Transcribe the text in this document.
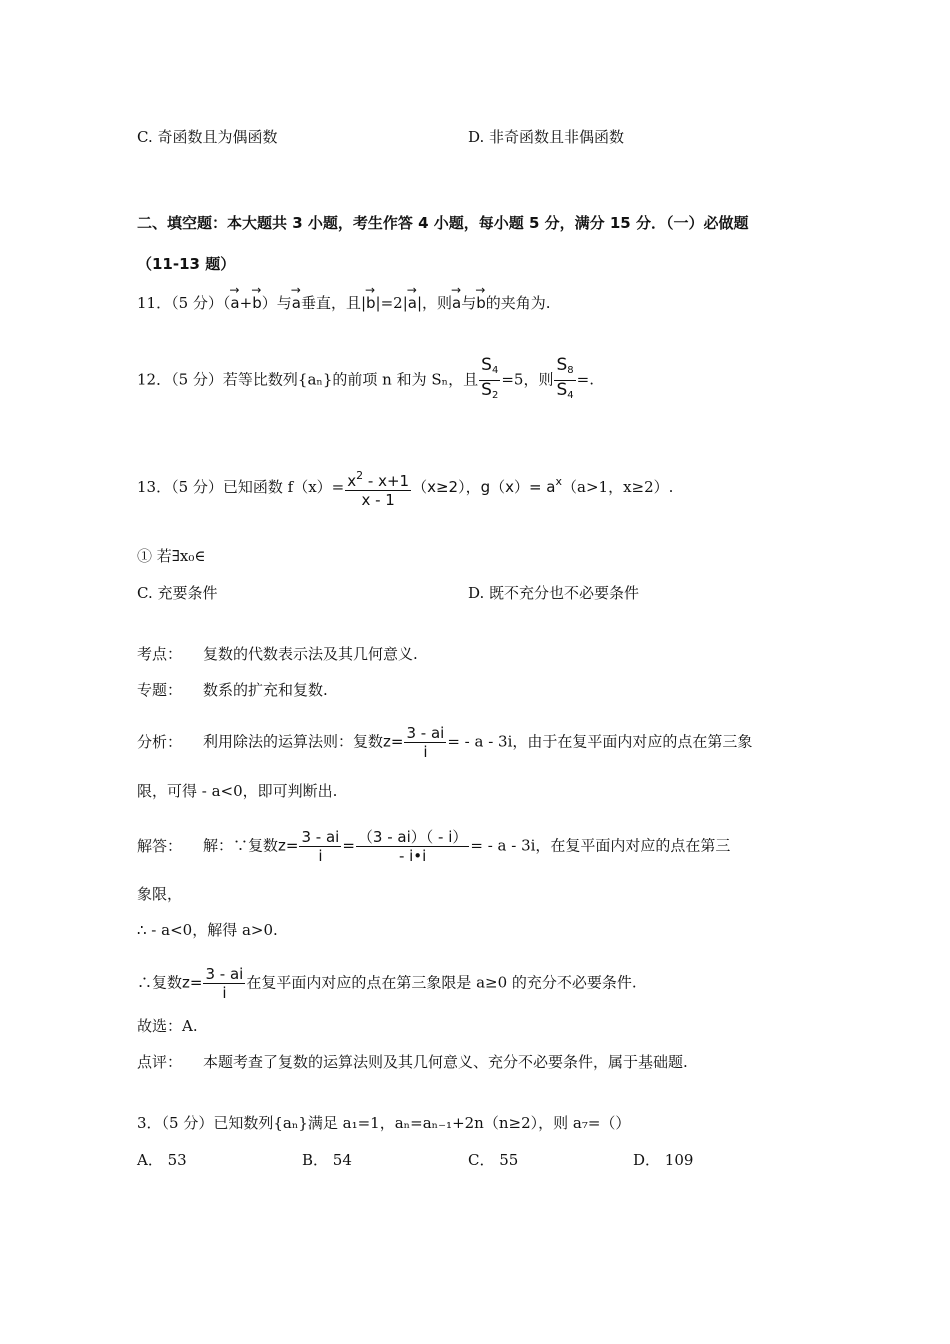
C. 奇函数且为偶函数	D. 非奇函数且非偶函数
二、填空题：本大题共 3 小题，考生作答 4 小题，每小题 5 分，满分 15 分．（一）必做题
（11-13 题）
11．（5 分）（→ a+→ b）与→ a垂直，且|→ b|=2|→ a|，则→ a与→ b的夹角为.
12．（5 分）若等比数列{aₙ}的前项 n 和为 Sₙ，且 $\frac{S_4}{S_2} =5$，则 $\frac{S_8}{S_4}$ =.
13．（5 分）已知函数 $f(x)= \frac{x^2 - x+1}{x - 1} (x\ge 2)$，$g(x)= a^x(a>1$，x≥2）.
① 若∃x₀∈
C. 充要条件	D. 既不充分也不必要条件
考点： 复数的代数表示法及其几何意义.
专题： 数系的扩充和复数.
分析： 利用除法的运算法则：复数$z= \frac{3 - ai}{i}$ = - a - 3i，由于在复平面内对应的点在第三象
限，可得 - a<0，即可判断出.
解答： 解：∵复数$z= \frac{3 - ai}{i} = \frac{(3 - ai)( - i)}{- i•i}$ = - a - 3i，在复平面内对应的点在第三
象限，
∴ - a<0，解得 a>0.
∴复数$z= \frac{3 - ai}{i}$ 在复平面内对应的点在第三象限是 a≥0 的充分不必要条件.
故选：A.
点评： 本题考查了复数的运算法则及其几何意义、充分不必要条件，属于基础题.
3．（5 分）已知数列{aₙ}满足 a₁=1，aₙ=aₙ₋₁+2n（n≥2），则 a₇=（）
A． 53	B． 54	C． 55	D． 109
